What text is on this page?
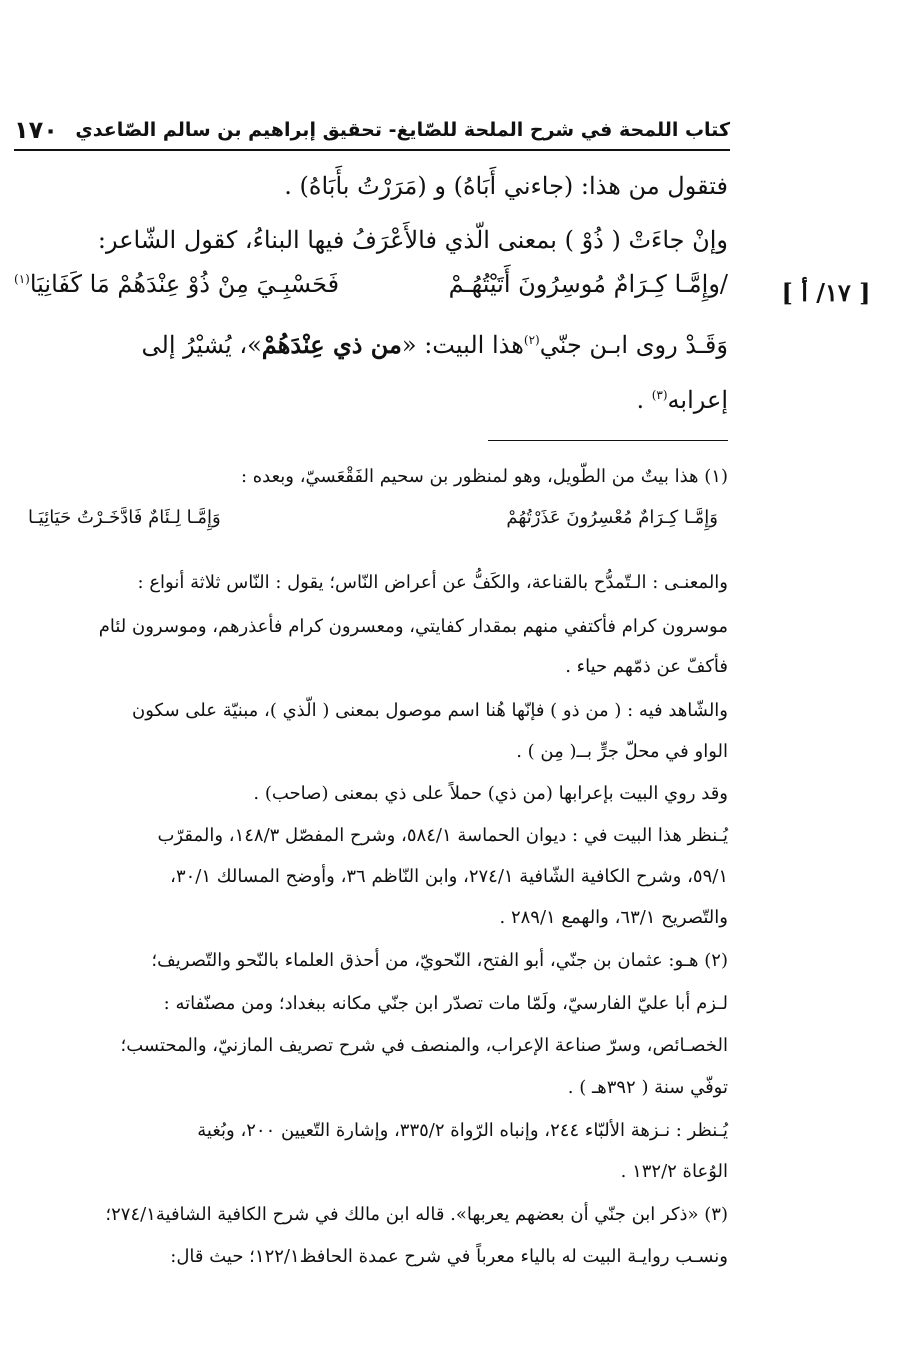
كتاب اللمحة في شرح الملحة للصّايغ- تحقيق إبراهيم بن سالم الصّاعدي
١٧٠
فتقول من هذا: (جاءني أَبَاهُ) و (مَرَرْتُ بأَبَاهُ) .
وإنْ جاءَتْ ( ذُوْ ) بمعنى الّذي فالأَعْرَفُ فيها البناءُ، كقول الشّاعر:
/وإِمَّـا كِـرَامٌ مُوسِرُونَ أَتَيْتُهُـمْ
فَحَسْبِـيَ مِنْ ذُوْ عِنْدَهُمْ مَا كَفَانِيَا$^{(١)}$	[ ١٧/ أ ]
وَقَـدْ روى ابـن جنّي$^{(٢)}$هذا البيت: «من ذي عِنْدَهُمْ»، يُشيْرُ إلى
إعرابه$^{(٣)}$ .
(١) هذا بيتٌ من الطّويل، وهو لمنظور بن سحيم الفَقْعَسيّ، وبعده :
وَإِمَّـا كِـرَامٌ مُعْسِرُونَ عَذَرْتُهُمْ
وَإِمَّـا لِـئَامٌ فَادَّخَـرْتُ حَيَائِيَـا
والمعنـى : الـتّمدُّح بالقناعة، والكَفُّ عن أعراض النّاس؛ يقول : النّاس ثلاثة أنواع :
موسرون كرام فأكتفي منهم بمقدار كفايتي، ومعسرون كرام فأعذرهم، وموسرون لئام
فأكفّ عن ذمّهم حياء .
والشّاهد فيه : ( من ذو ) فإنّها هُنا اسم موصول بمعنى ( الّذي )، مبنيّة على سكون
الواو في محلّ جرٍّ بــ( مِن ) .
وقد روي البيت بإعرابها (من ذي) حملاً على ذي بمعنى (صاحب) .
يُـنظر هذا البيت في : ديوان الحماسة ٥٨٤/١، وشرح المفصّل ١٤٨/٣، والمقرّب
٥٩/١، وشرح الكافية الشّافية ٢٧٤/١، وابن النّاظم ٣٦، وأوضح المسالك ٣٠/١،
والتّصريح ٦٣/١، والهمع ٢٨٩/١ .
(٢) هـو: عثمان بن جنّي، أبو الفتح، النّحويّ، من أحذق العلماء بالنّحو والتّصريف؛
لـزم أبا عليّ الفارسيّ، ولَمّا مات تصدّر ابن جنّي مكانه ببغداد؛ ومن مصنّفاته :
الخصـائص، وسرّ صناعة الإعراب، والمنصف في شرح تصريف المازنيّ، والمحتسب؛
توفّي سنة ( ٣٩٢هـ ) .
يُـنظر : نـزهة الألبّاء ٢٤٤، وإنباه الرّواة ٣٣٥/٢، وإشارة التّعيين ٢٠٠، وبُغية
الوُعاة ١٣٢/٢ .
(٣) «ذكر ابن جنّي أن بعضهم يعربها». قاله ابن مالك في شرح الكافية الشافية٢٧٤/١؛
ونسـب روايـة البيت له بالياء معرباً في شرح عمدة الحافظ١٢٢/١؛ حيث قال:
